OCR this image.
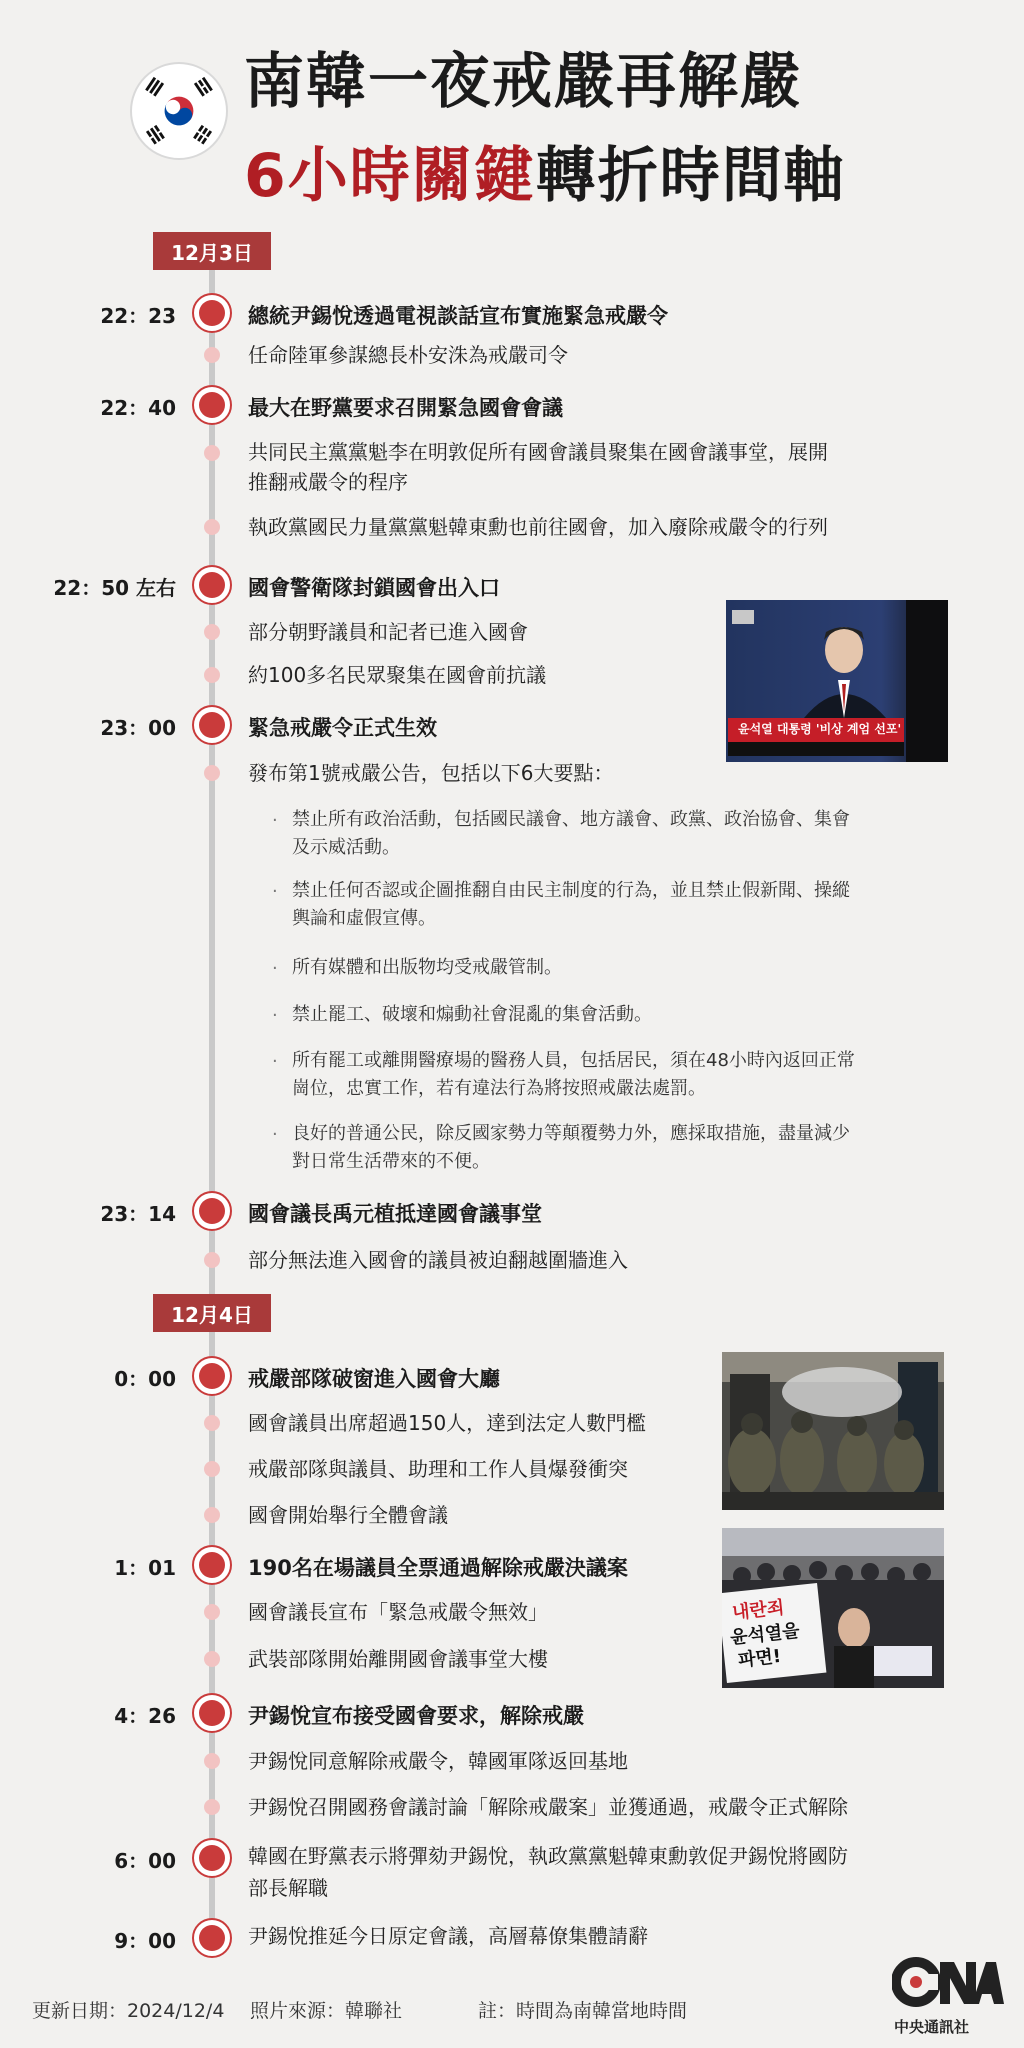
南韓一夜戒嚴再解嚴
6小時關鍵轉折時間軸
12月3日
22：23	總統尹錫悅透過電視談話宣布實施緊急戒嚴令
任命陸軍參謀總長朴安洙為戒嚴司令
22：40	最大在野黨要求召開緊急國會會議
共同民主黨黨魁李在明敦促所有國會議員聚集在國會議事堂，展開
推翻戒嚴令的程序
執政黨國民力量黨黨魁韓東勳也前往國會，加入廢除戒嚴令的行列
22：50 左右	國會警衛隊封鎖國會出入口
部分朝野議員和記者已進入國會
約100多名民眾聚集在國會前抗議
윤석열 대통령 '비상 계엄 선포'
23：00	緊急戒嚴令正式生效
發布第1號戒嚴公告，包括以下6大要點：
· 禁止所有政治活動，包括國民議會、地方議會、政黨、政治協會、集會
及示威活動。
· 禁止任何否認或企圖推翻自由民主制度的行為，並且禁止假新聞、操縱
輿論和虛假宣傳。
· 所有媒體和出版物均受戒嚴管制。
· 禁止罷工、破壞和煽動社會混亂的集會活動。
· 所有罷工或離開醫療場的醫務人員，包括居民，須在48小時內返回正常
崗位，忠實工作，若有違法行為將按照戒嚴法處罰。
· 良好的普通公民，除反國家勢力等顛覆勢力外，應採取措施，盡量減少
對日常生活帶來的不便。
23：14	國會議長禹元植抵達國會議事堂
部分無法進入國會的議員被迫翻越圍牆進入
12月4日
0：00	戒嚴部隊破窗進入國會大廳
國會議員出席超過150人，達到法定人數門檻
戒嚴部隊與議員、助理和工作人員爆發衝突
國會開始舉行全體會議
1：01	190名在場議員全票通過解除戒嚴決議案
國會議長宣布「緊急戒嚴令無效」
武裝部隊開始離開國會議事堂大樓
내란죄
윤석열을
파면!
4：26	尹錫悅宣布接受國會要求，解除戒嚴
尹錫悅同意解除戒嚴令，韓國軍隊返回基地
尹錫悅召開國務會議討論「解除戒嚴案」並獲通過，戒嚴令正式解除
6：00	韓國在野黨表示將彈劾尹錫悅，執政黨黨魁韓東勳敦促尹錫悅將國防
部長解職
9：00	尹錫悅推延今日原定會議，高層幕僚集體請辭
更新日期：2024/12/4 照片來源：韓聯社	註：時間為南韓當地時間
中央通訊社
